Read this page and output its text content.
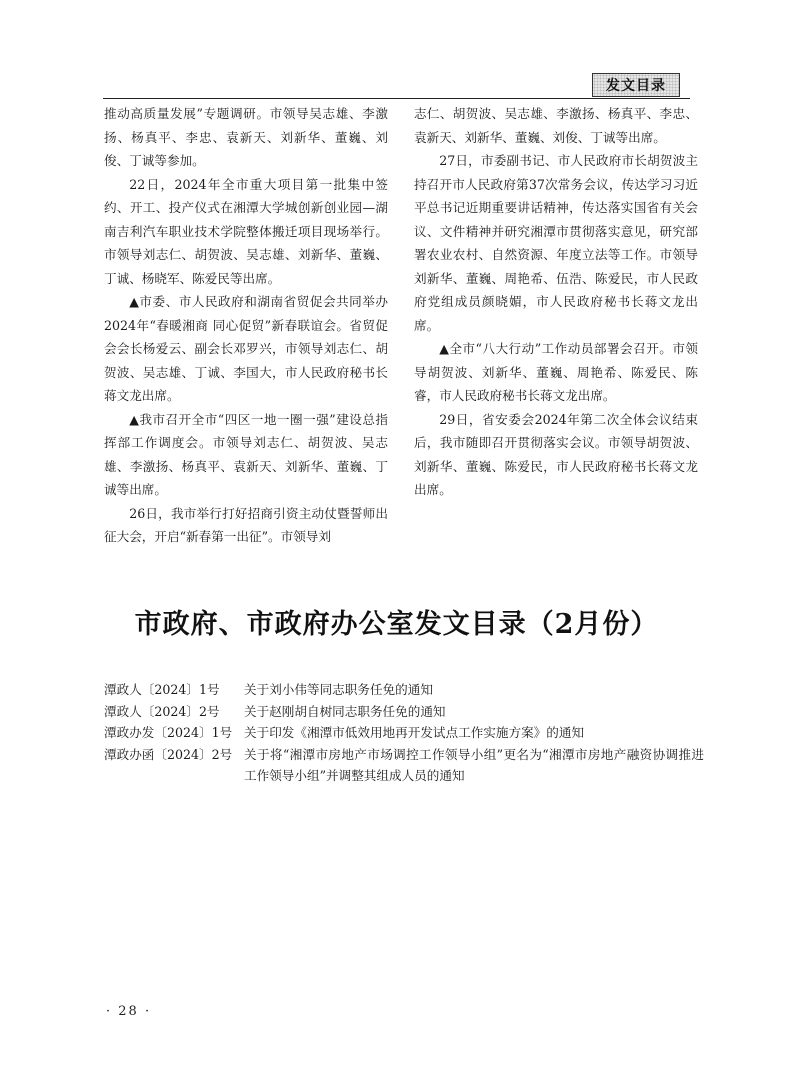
发文目录

推动高质量发展”专题调研。市领导吴志雄、李激扬、杨真平、李忠、袁新天、刘新华、董巍、刘俊、丁诚等参加。

22日，2024年全市重大项目第一批集中签约、开工、投产仪式在湘潭大学城创新创业园—湖南吉利汽车职业技术学院整体搬迁项目现场举行。市领导刘志仁、胡贺波、吴志雄、刘新华、董巍、丁诚、杨晓军、陈爱民等出席。

▲市委、市人民政府和湖南省贸促会共同举办2024年“春暖湘商 同心促贸”新春联谊会。省贸促会会长杨爱云、副会长邓罗兴，市领导刘志仁、胡贺波、吴志雄、丁诚、李国大，市人民政府秘书长蒋文龙出席。

▲我市召开全市“四区一地一圈一强”建设总指挥部工作调度会。市领导刘志仁、胡贺波、吴志雄、李激扬、杨真平、袁新天、刘新华、董巍、丁诚等出席。

26日，我市举行打好招商引资主动仗暨誓师出征大会，开启“新春第一出征”。市领导刘

志仁、胡贺波、吴志雄、李激扬、杨真平、李忠、袁新天、刘新华、董巍、刘俊、丁诚等出席。

27日，市委副书记、市人民政府市长胡贺波主持召开市人民政府第37次常务会议，传达学习习近平总书记近期重要讲话精神，传达落实国省有关会议、文件精神并研究湘潭市贯彻落实意见，研究部署农业农村、自然资源、年度立法等工作。市领导刘新华、董巍、周艳希、伍浩、陈爱民，市人民政府党组成员颜晓媚，市人民政府秘书长蒋文龙出席。

▲全市“八大行动”工作动员部署会召开。市领导胡贺波、刘新华、董巍、周艳希、陈爱民、陈睿，市人民政府秘书长蒋文龙出席。

29日，省安委会2024年第二次全体会议结束后，我市随即召开贯彻落实会议。市领导胡贺波、刘新华、董巍、陈爱民，市人民政府秘书长蒋文龙出席。

市政府、市政府办公室发文目录（2月份）
潭政人〔2024〕1号	关于刘小伟等同志职务任免的通知
潭政人〔2024〕2号	关于赵刚胡自树同志职务任免的通知
潭政办发〔2024〕1号 关于印发《湘潭市低效用地再开发试点工作实施方案》的通知
潭政办函〔2024〕2号 关于将“湘潭市房地产市场调控工作领导小组”更名为“湘潭市房地产融资协调推进工作领导小组”并调整其组成人员的通知
· 28 ·
